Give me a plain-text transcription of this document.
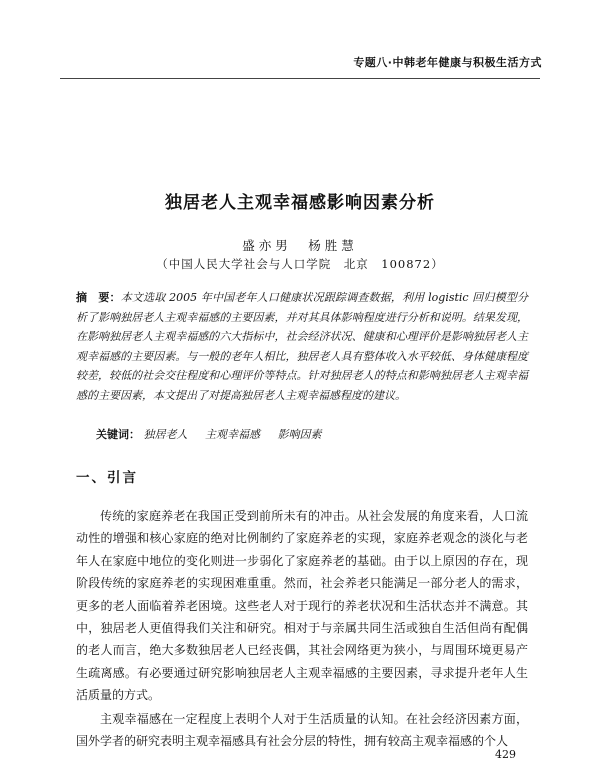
专题八·中韩老年健康与积极生活方式
独居老人主观幸福感影响因素分析
盛亦男　杨胜慧
（中国人民大学社会与人口学院　北京　100872）
摘　要：本文选取 2005 年中国老年人口健康状况跟踪调查数据，利用 logistic 回归模型分析了影响独居老人主观幸福感的主要因素，并对其具体影响程度进行分析和说明。结果发现，在影响独居老人主观幸福感的六大指标中，社会经济状况、健康和心理评价是影响独居老人主观幸福感的主要因素。与一般的老年人相比，独居老人具有整体收入水平较低、身体健康程度较差，较低的社会交往程度和心理评价等特点。针对独居老人的特点和影响独居老人主观幸福感的主要因素，本文提出了对提高独居老人主观幸福感程度的建议。
关键词： 独居老人 主观幸福感 影响因素
一、引言
传统的家庭养老在我国正受到前所未有的冲击。从社会发展的角度来看，人口流动性的增强和核心家庭的绝对比例制约了家庭养老的实现，家庭养老观念的淡化与老年人在家庭中地位的变化则进一步弱化了家庭养老的基础。由于以上原因的存在，现阶段传统的家庭养老的实现困难重重。然而，社会养老只能满足一部分老人的需求，更多的老人面临着养老困境。这些老人对于现行的养老状况和生活状态并不满意。其中，独居老人更值得我们关注和研究。相对于与亲属共同生活或独自生活但尚有配偶的老人而言，绝大多数独居老人已经丧偶，其社会网络更为狭小，与周围环境更易产生疏离感。有必要通过研究影响独居老人主观幸福感的主要因素，寻求提升老年人生活质量的方式。
主观幸福感在一定程度上表明个人对于生活质量的认知。在社会经济因素方面，国外学者的研究表明主观幸福感具有社会分层的特性，拥有较高主观幸福感的个人
429
